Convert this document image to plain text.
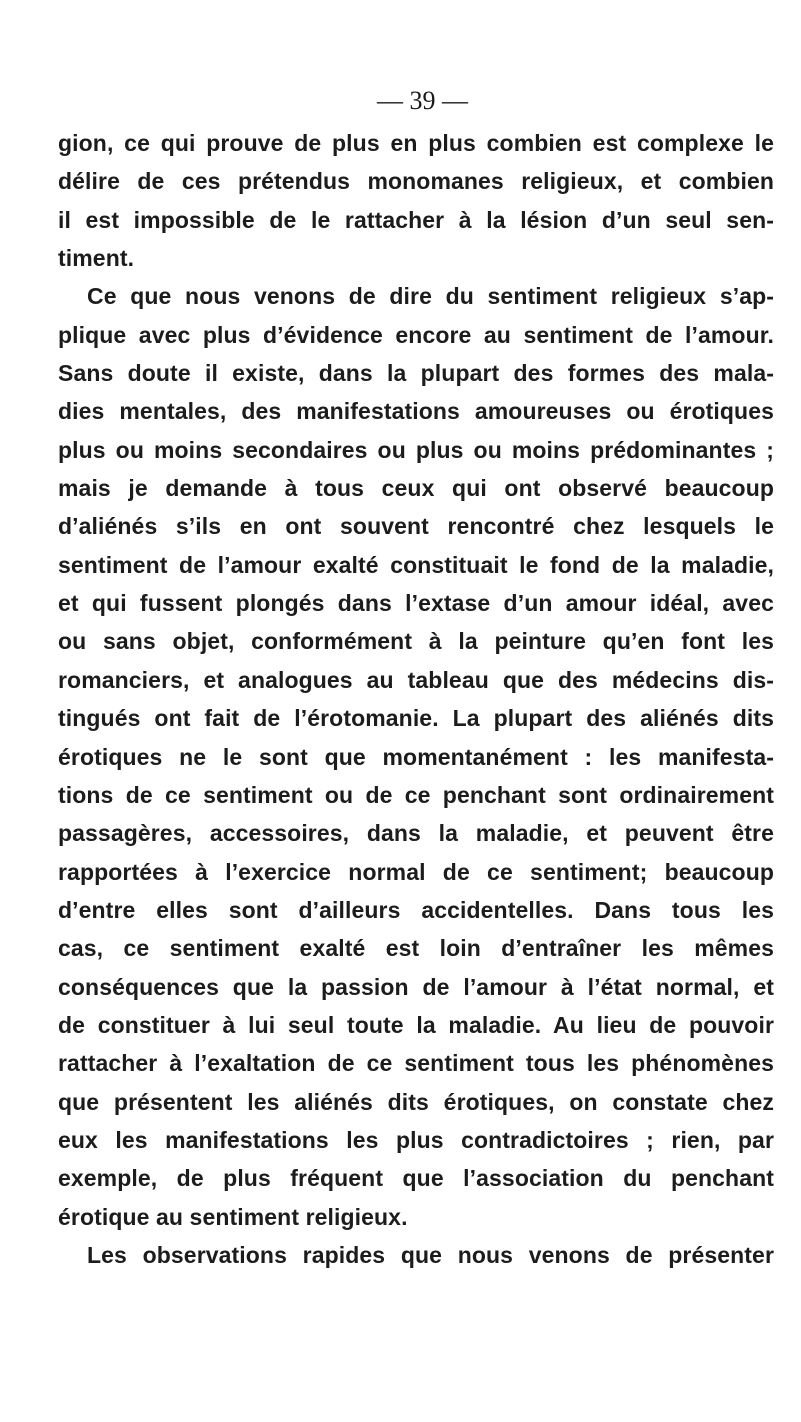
— 39 —
gion, ce qui prouve de plus en plus combien est complexe le
délire de ces prétendus monomanes religieux, et combien
il est impossible de le rattacher à la lésion d’un seul sen-
timent.
Ce que nous venons de dire du sentiment religieux s’ap-
plique avec plus d’évidence encore au sentiment de l’amour.
Sans doute il existe, dans la plupart des formes des mala-
dies mentales, des manifestations amoureuses ou érotiques
plus ou moins secondaires ou plus ou moins prédominantes ;
mais je demande à tous ceux qui ont observé beaucoup
d’aliénés s’ils en ont souvent rencontré chez lesquels le
sentiment de l’amour exalté constituait le fond de la maladie,
et qui fussent plongés dans l’extase d’un amour idéal, avec
ou sans objet, conformément à la peinture qu’en font les
romanciers, et analogues au tableau que des médecins dis-
tingués ont fait de l’érotomanie. La plupart des aliénés dits
érotiques ne le sont que momentanément : les manifesta-
tions de ce sentiment ou de ce penchant sont ordinairement
passagères, accessoires, dans la maladie, et peuvent être
rapportées à l’exercice normal de ce sentiment; beaucoup
d’entre elles sont d’ailleurs accidentelles. Dans tous les
cas, ce sentiment exalté est loin d’entraîner les mêmes
conséquences que la passion de l’amour à l’état normal, et
de constituer à lui seul toute la maladie. Au lieu de pouvoir
rattacher à l’exaltation de ce sentiment tous les phénomènes
que présentent les aliénés dits érotiques, on constate chez
eux les manifestations les plus contradictoires ; rien, par
exemple, de plus fréquent que l’association du penchant
érotique au sentiment religieux.
Les observations rapides que nous venons de présenter
